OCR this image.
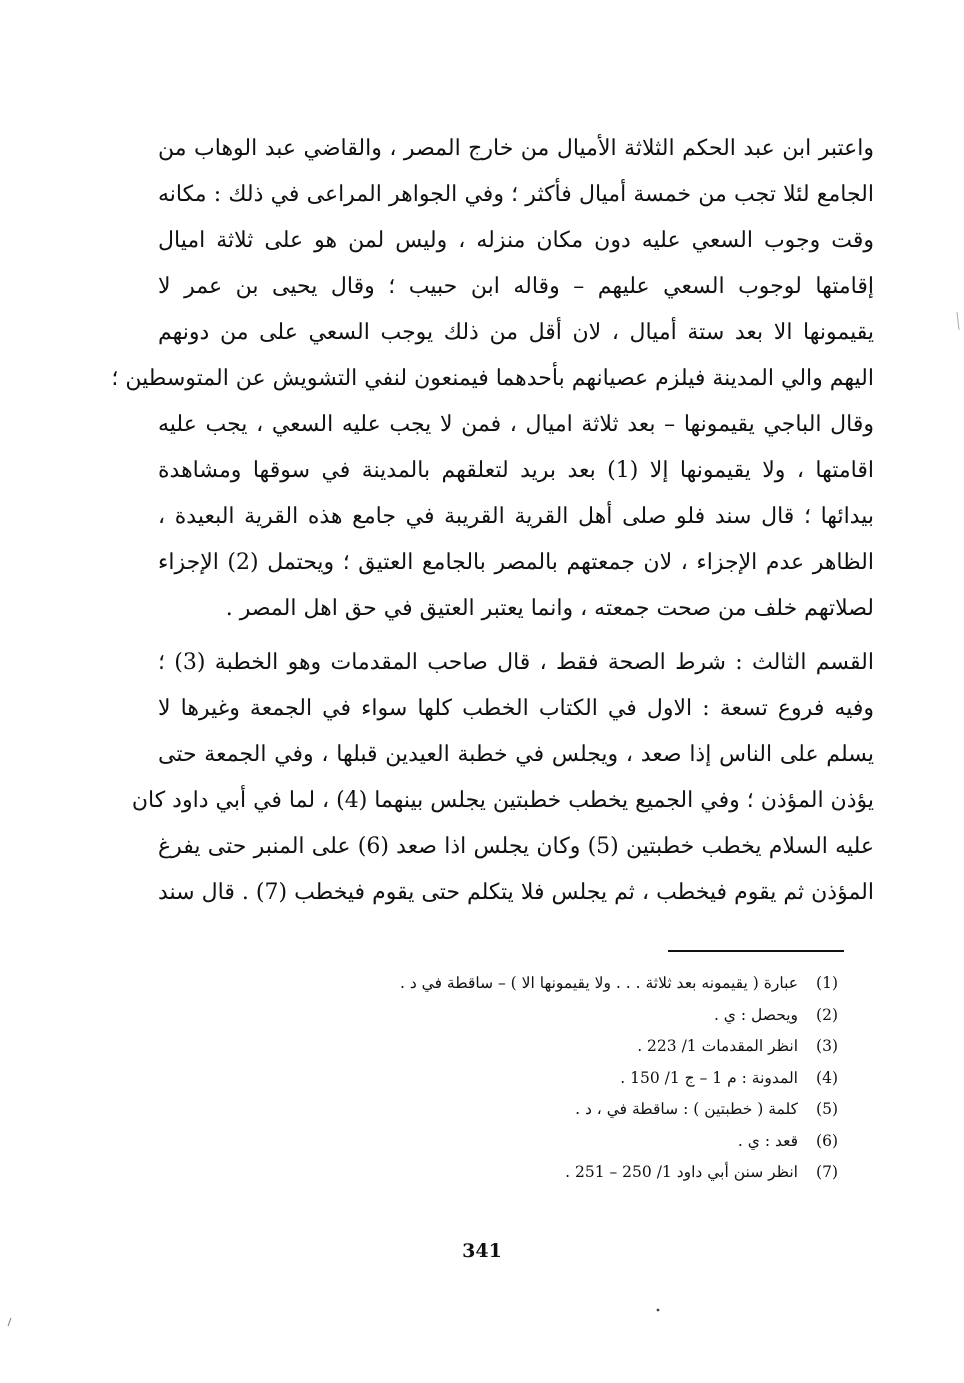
واعتبر ابن عبد الحكم الثلاثة الأميال من خارج المصر ، والقاضي عبد الوهاب من
الجامع لئلا تجب من خمسة أميال فأكثر ؛ وفي الجواهر المراعى في ذلك : مكانه
وقت وجوب السعي عليه دون مكان منزله ، وليس لمن هو على ثلاثة اميال
إقامتها لوجوب السعي عليهم – وقاله ابن حبيب ؛ وقال يحيى بن عمر لا
يقيمونها الا بعد ستة أميال ، لان أقل من ذلك يوجب السعي على من دونهم
اليهم والي المدينة فيلزم عصيانهم بأحدهما فيمنعون لنفي التشويش عن المتوسطين ؛
وقال الباجي يقيمونها – بعد ثلاثة اميال ، فمن لا يجب عليه السعي ، يجب عليه
اقامتها ، ولا يقيمونها إلا (1) بعد بريد لتعلقهم بالمدينة في سوقها ومشاهدة
بيدائها ؛ قال سند فلو صلى أهل القرية القريبة في جامع هذه القرية البعيدة ،
الظاهر عدم الإجزاء ، لان جمعتهم بالمصر بالجامع العتيق ؛ ويحتمل (2) الإجزاء
لصلاتهم خلف من صحت جمعته ، وانما يعتبر العتيق في حق اهل المصر .
القسم الثالث : شرط الصحة فقط ، قال صاحب المقدمات وهو الخطبة (3) ؛
وفيه فروع تسعة : الاول في الكتاب الخطب كلها سواء في الجمعة وغيرها لا
يسلم على الناس إذا صعد ، ويجلس في خطبة العيدين قبلها ، وفي الجمعة حتى
يؤذن المؤذن ؛ وفي الجميع يخطب خطبتين يجلس بينهما (4) ، لما في أبي داود كان
عليه السلام يخطب خطبتين (5) وكان يجلس اذا صعد (6) على المنبر حتى يفرغ
المؤذن ثم يقوم فيخطب ، ثم يجلس فلا يتكلم حتى يقوم فيخطب (7) . قال سند
(1)عبارة ( يقيمونه بعد ثلاثة . . . ولا يقيمونها الا ) – ساقطة في د .
(2)ويحصل : ي .
(3)انظر المقدمات 1/ 223 .
(4)المدونة : م 1 – ج 1/ 150 .
(5)كلمة ( خطبتين ) : ساقطة في ، د .
(6)قعد : ي .
(7)انظر سنن أبي داود 1/ 250 – 251 .
341
